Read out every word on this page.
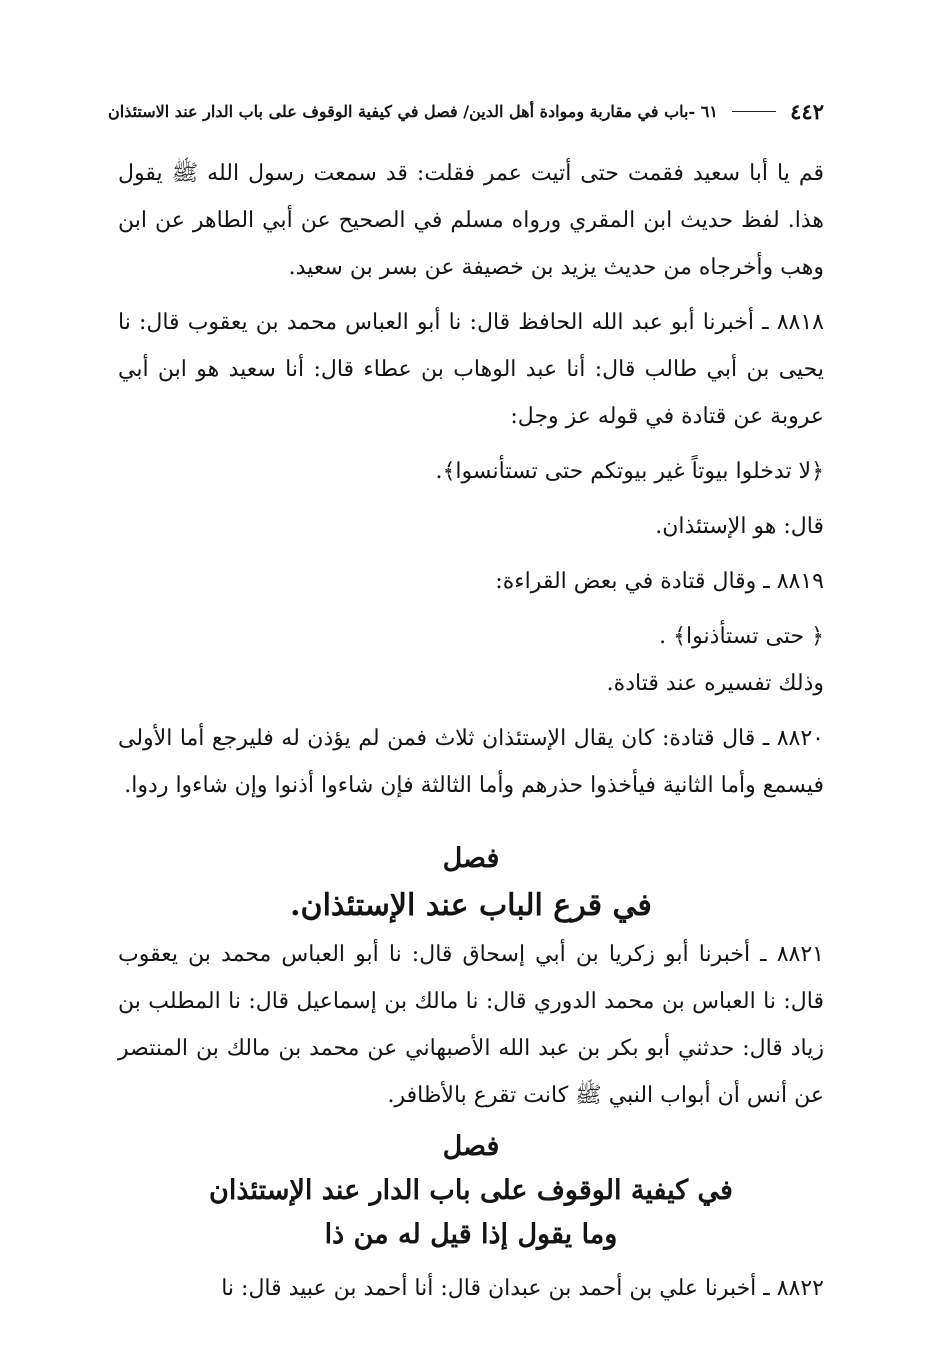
٤٤٢
٦١ -باب في مقاربة وموادة أهل الدين/ فصل في كيفية الوقوف على باب الدار عند الاستئذان

قم يا أبا سعيد فقمت حتى أتيت عمر فقلت: قد سمعت رسول الله ﷺ يقول هذا. لفظ حديث ابن المقري ورواه مسلم في الصحيح عن أبي الطاهر عن ابن وهب وأخرجاه من حديث يزيد بن خصيفة عن بسر بن سعيد.

٨٨١٨ ـ أخبرنا أبو عبد الله الحافظ قال: نا أبو العباس محمد بن يعقوب قال: نا يحيى بن أبي طالب قال: أنا عبد الوهاب بن عطاء قال: أنا سعيد هو ابن أبي عروبة عن قتادة في قوله عز وجل:

﴿لا تدخلوا بيوتاً غير بيوتكم حتى تستأنسوا﴾.

قال: هو الإستئذان.

٨٨١٩ ـ وقال قتادة في بعض القراءة:

﴿ حتى تستأذنوا﴾ .

وذلك تفسيره عند قتادة.

٨٨٢٠ ـ قال قتادة: كان يقال الإستئذان ثلاث فمن لم يؤذن له فليرجع أما الأولى فيسمع وأما الثانية فيأخذوا حذرهم وأما الثالثة فإن شاءوا أذنوا وإن شاءوا ردوا.

فصل
في قرع الباب عند الإستئذان.

٨٨٢١ ـ أخبرنا أبو زكريا بن أبي إسحاق قال: نا أبو العباس محمد بن يعقوب قال: نا العباس بن محمد الدوري قال: نا مالك بن إسماعيل قال: نا المطلب بن زياد قال: حدثني أبو بكر بن عبد الله الأصبهاني عن محمد بن مالك بن المنتصر عن أنس أن أبواب النبي ﷺ كانت تقرع بالأظافر.

فصل
في كيفية الوقوف على باب الدار عند الإستئذان
وما يقول إذا قيل له من ذا

٨٨٢٢ ـ أخبرنا علي بن أحمد بن عبدان قال: أنا أحمد بن عبيد قال: نا
